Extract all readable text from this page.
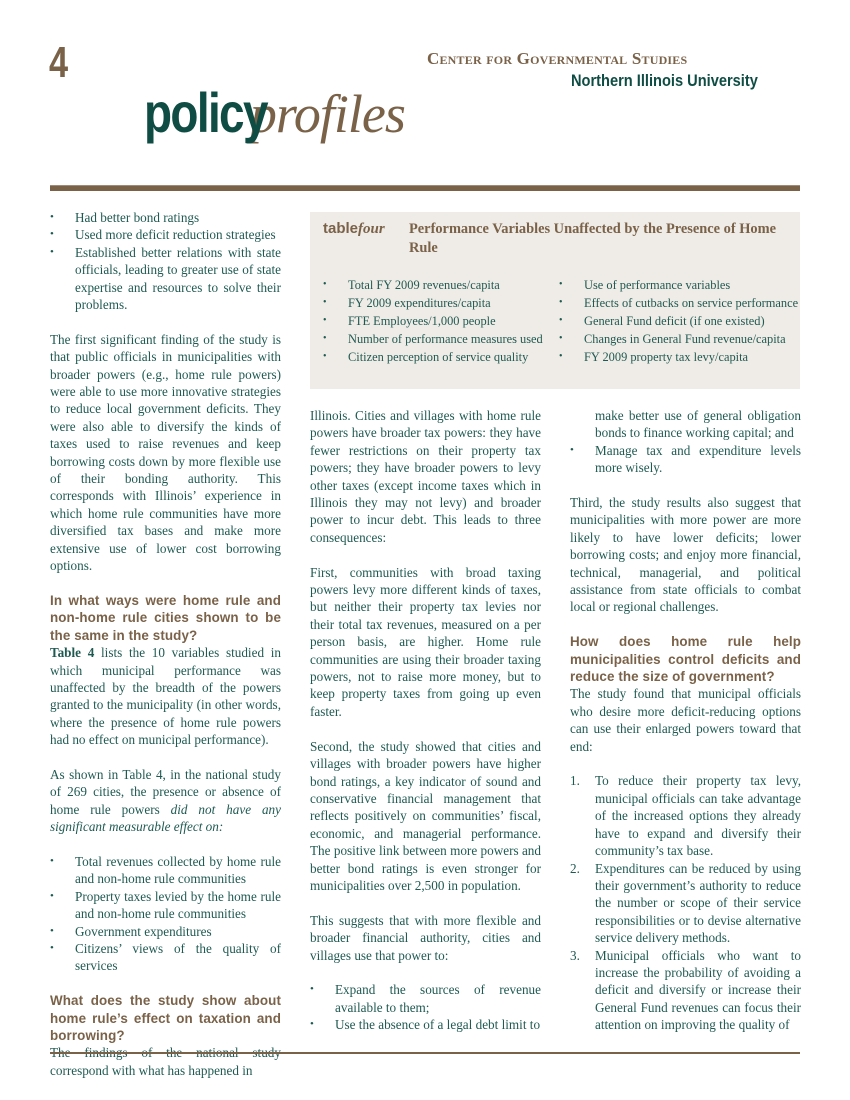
4
policyprofiles
Center for Governmental Studies
Northern Illinois University
tablefour Performance Variables Unaffected by the Presence of Home Rule
• Total FY 2009 revenues/capita
• FY 2009 expenditures/capita
• FTE Employees/1,000 people
• Number of performance measures used
• Citizen perception of service quality
• Use of performance variables
• Effects of cutbacks on service performance
• General Fund deficit (if one existed)
• Changes in General Fund revenue/capita
• FY 2009 property tax levy/capita
• Had better bond ratings
• Used more deficit reduction strategies
• Established better relations with state officials, leading to greater use of state expertise and resources to solve their problems.

The first significant finding of the study is that public officials in municipalities with broader powers (e.g., home rule powers) were able to use more innovative strategies to reduce local government deficits. They were also able to diversify the kinds of taxes used to raise revenues and keep borrowing costs down by more flexible use of their bonding authority. This corresponds with Illinois’ experience in which home rule communities have more diversified tax bases and make more extensive use of lower cost borrowing options.

In what ways were home rule and non-home rule cities shown to be the same in the study?

Table 4 lists the 10 variables studied in which municipal performance was unaffected by the breadth of the powers granted to the municipality (in other words, where the presence of home rule powers had no effect on municipal performance).

As shown in Table 4, in the national study of 269 cities, the presence or absence of home rule powers did not have any significant measurable effect on:

• Total revenues collected by home rule and non-home rule communities
• Property taxes levied by the home rule and non-home rule communities
• Government expenditures
• Citizens’ views of the quality of services
What does the study show about home rule’s effect on taxation and borrowing?

correspond with what has happened in

Illinois. Cities and villages with home rule powers have broader tax powers: they have fewer restrictions on their property tax powers; they have broader powers to levy other taxes (except income taxes which in Illinois they may not levy) and broader power to incur debt. This leads to three consequences:

First, communities with broad taxing powers levy more different kinds of taxes, but neither their property tax levies nor their total tax revenues, measured on a per person basis, are higher. Home rule communities are using their broader taxing powers, not to raise more money, but to keep property taxes from going up even faster.

Second, the study showed that cities and villages with broader powers have higher bond ratings, a key indicator of sound and conservative financial management that reflects positively on communities’ fiscal, economic, and managerial performance. The positive link between more powers and better bond ratings is even stronger for municipalities over 2,500 in population.

This suggests that with more flexible and broader financial authority, cities and villages use that power to:

• Expand the sources of revenue available to them;
• Use the absence of a legal debt limit to
make better use of general obligation bonds to finance working capital; and
• Manage tax and expenditure levels more wisely.

Third, the study results also suggest that municipalities with more power are more likely to have lower deficits; lower borrowing costs; and enjoy more financial, technical, managerial, and political assistance from state officials to combat local or regional challenges.

How does home rule help municipalities control deficits and reduce the size of government?

The study found that municipal officials who desire more deficit-reducing options can use their enlarged powers toward that end:

1. To reduce their property tax levy, municipal officials can take advantage of the increased options they already have to expand and diversify their community’s tax base.
2. Expenditures can be reduced by using their government’s authority to reduce the number or scope of their service responsibilities or to devise alternative service delivery methods.
3. Municipal officials who want to increase the probability of avoiding a deficit and diversify or increase their General Fund revenues can focus their attention on improving the quality of
